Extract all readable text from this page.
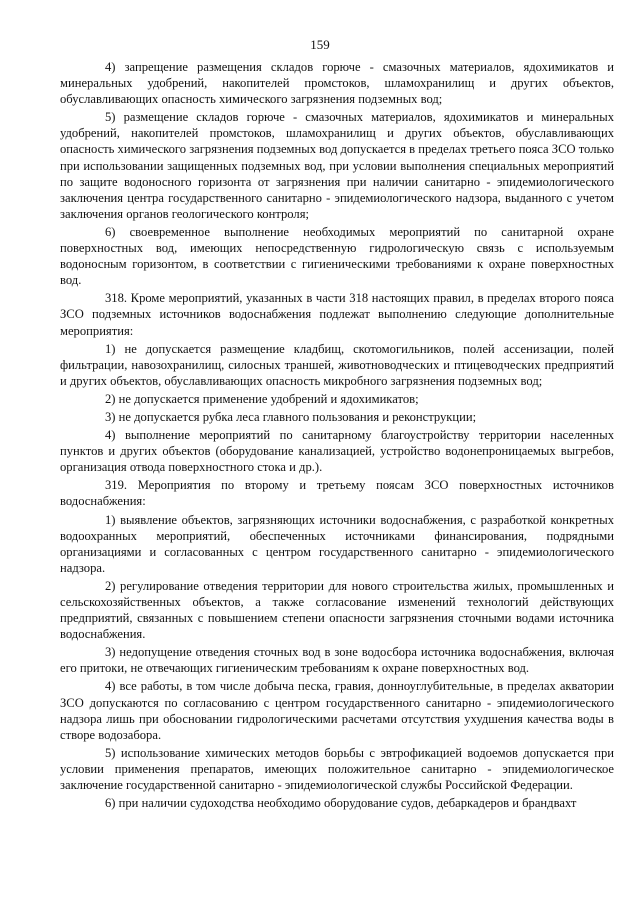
159

4) запрещение размещения складов горюче - смазочных материалов, ядохимикатов и минеральных удобрений, накопителей промстоков, шламохранилищ и других объектов, обуславливающих опасность химического загрязнения подземных вод;

5) размещение складов горюче - смазочных материалов, ядохимикатов и минеральных удобрений, накопителей промстоков, шламохранилищ и других объектов, обуславливающих опасность химического загрязнения подземных вод допускается в пределах третьего пояса ЗСО только при использовании защищенных подземных вод, при условии выполнения специальных мероприятий по защите водоносного горизонта от загрязнения при наличии санитарно - эпидемиологического заключения центра государственного санитарно - эпидемиологического надзора, выданного с учетом заключения органов геологического контроля;

6) своевременное выполнение необходимых мероприятий по санитарной охране поверхностных вод, имеющих непосредственную гидрологическую связь с используемым водоносным горизонтом, в соответствии с гигиеническими требованиями к охране поверхностных вод.

318. Кроме мероприятий, указанных в части 318 настоящих правил, в пределах второго пояса ЗСО подземных источников водоснабжения подлежат выполнению следующие дополнительные мероприятия:

1) не допускается размещение кладбищ, скотомогильников, полей ассенизации, полей фильтрации, навозохранилищ, силосных траншей, животноводческих и птицеводческих предприятий и других объектов, обуславливающих опасность микробного загрязнения подземных вод;

2) не допускается применение удобрений и ядохимикатов;

3) не допускается рубка леса главного пользования и реконструкции;

4) выполнение мероприятий по санитарному благоустройству территории населенных пунктов и других объектов (оборудование канализацией, устройство водонепроницаемых выгребов, организация отвода поверхностного стока и др.).

319. Мероприятия по второму и третьему поясам ЗСО поверхностных источников водоснабжения:

1) выявление объектов, загрязняющих источники водоснабжения, с разработкой конкретных водоохранных мероприятий, обеспеченных источниками финансирования, подрядными организациями и согласованных с центром государственного санитарно - эпидемиологического надзора.

2) регулирование отведения территории для нового строительства жилых, промышленных и сельскохозяйственных объектов, а также согласование изменений технологий действующих предприятий, связанных с повышением степени опасности загрязнения сточными водами источника водоснабжения.

3) недопущение отведения сточных вод в зоне водосбора источника водоснабжения, включая его притоки, не отвечающих гигиеническим требованиям к охране поверхностных вод.

4) все работы, в том числе добыча песка, гравия, донноуглубительные, в пределах акватории ЗСО допускаются по согласованию с центром государственного санитарно - эпидемиологического надзора лишь при обосновании гидрологическими расчетами отсутствия ухудшения качества воды в створе водозабора.

5) использование химических методов борьбы с эвтрофикацией водоемов допускается при условии применения препаратов, имеющих положительное санитарно - эпидемиологическое заключение государственной санитарно - эпидемиологической службы Российской Федерации.

6) при наличии судоходства необходимо оборудование судов, дебаркадеров и брандвахт
